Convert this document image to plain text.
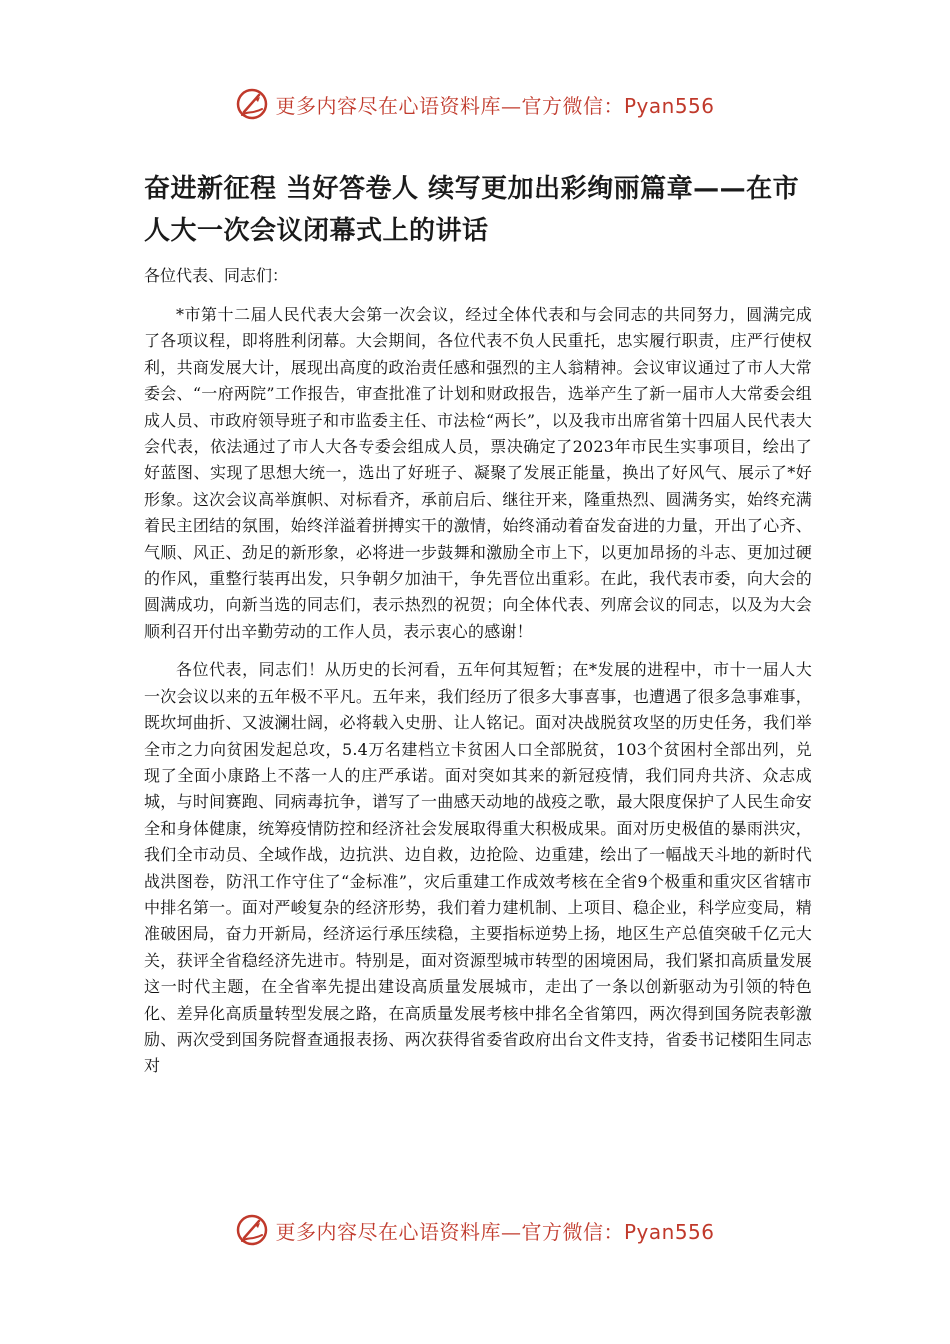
更多内容尽在心语资料库—官方微信：Pyan556
奋进新征程 当好答卷人 续写更加出彩绚丽篇章——在市人大一次会议闭幕式上的讲话

各位代表、同志们：

*市第十二届人民代表大会第一次会议，经过全体代表和与会同志的共同努力，圆满完成了各项议程，即将胜利闭幕。大会期间，各位代表不负人民重托，忠实履行职责，庄严行使权利，共商发展大计，展现出高度的政治责任感和强烈的主人翁精神。会议审议通过了市人大常委会、“一府两院”工作报告，审查批准了计划和财政报告，选举产生了新一届市人大常委会组成人员、市政府领导班子和市监委主任、市法检“两长”，以及我市出席省第十四届人民代表大会代表，依法通过了市人大各专委会组成人员，票决确定了2023年市民生实事项目，绘出了好蓝图、实现了思想大统一，选出了好班子、凝聚了发展正能量，换出了好风气、展示了*好形象。这次会议高举旗帜、对标看齐，承前启后、继往开来，隆重热烈、圆满务实，始终充满着民主团结的氛围，始终洋溢着拼搏实干的激情，始终涌动着奋发奋进的力量，开出了心齐、气顺、风正、劲足的新形象，必将进一步鼓舞和激励全市上下，以更加昂扬的斗志、更加过硬的作风，重整行装再出发，只争朝夕加油干，争先晋位出重彩。在此，我代表市委，向大会的圆满成功，向新当选的同志们，表示热烈的祝贺；向全体代表、列席会议的同志，以及为大会顺利召开付出辛勤劳动的工作人员，表示衷心的感谢！

各位代表，同志们！从历史的长河看，五年何其短暂；在*发展的进程中，市十一届人大一次会议以来的五年极不平凡。五年来，我们经历了很多大事喜事，也遭遇了很多急事难事，既坎坷曲折、又波澜壮阔，必将载入史册、让人铭记。面对决战脱贫攻坚的历史任务，我们举全市之力向贫困发起总攻，5.4万名建档立卡贫困人口全部脱贫，103个贫困村全部出列，兑现了全面小康路上不落一人的庄严承诺。面对突如其来的新冠疫情，我们同舟共济、众志成城，与时间赛跑、同病毒抗争，谱写了一曲感天动地的战疫之歌，最大限度保护了人民生命安全和身体健康，统筹疫情防控和经济社会发展取得重大积极成果。面对历史极值的暴雨洪灾，我们全市动员、全域作战，边抗洪、边自救，边抢险、边重建，绘出了一幅战天斗地的新时代战洪图卷，防汛工作守住了“金标准”，灾后重建工作成效考核在全省9个极重和重灾区省辖市中排名第一。面对严峻复杂的经济形势，我们着力建机制、上项目、稳企业，科学应变局，精准破困局，奋力开新局，经济运行承压续稳，主要指标逆势上扬，地区生产总值突破千亿元大关，获评全省稳经济先进市。特别是，面对资源型城市转型的困境困局，我们紧扣高质量发展这一时代主题，在全省率先提出建设高质量发展城市，走出了一条以创新驱动为引领的特色化、差异化高质量转型发展之路，在高质量发展考核中排名全省第四，两次得到国务院表彰激励、两次受到国务院督查通报表扬、两次获得省委省政府出台文件支持，省委书记楼阳生同志对

更多内容尽在心语资料库—官方微信：Pyan556
